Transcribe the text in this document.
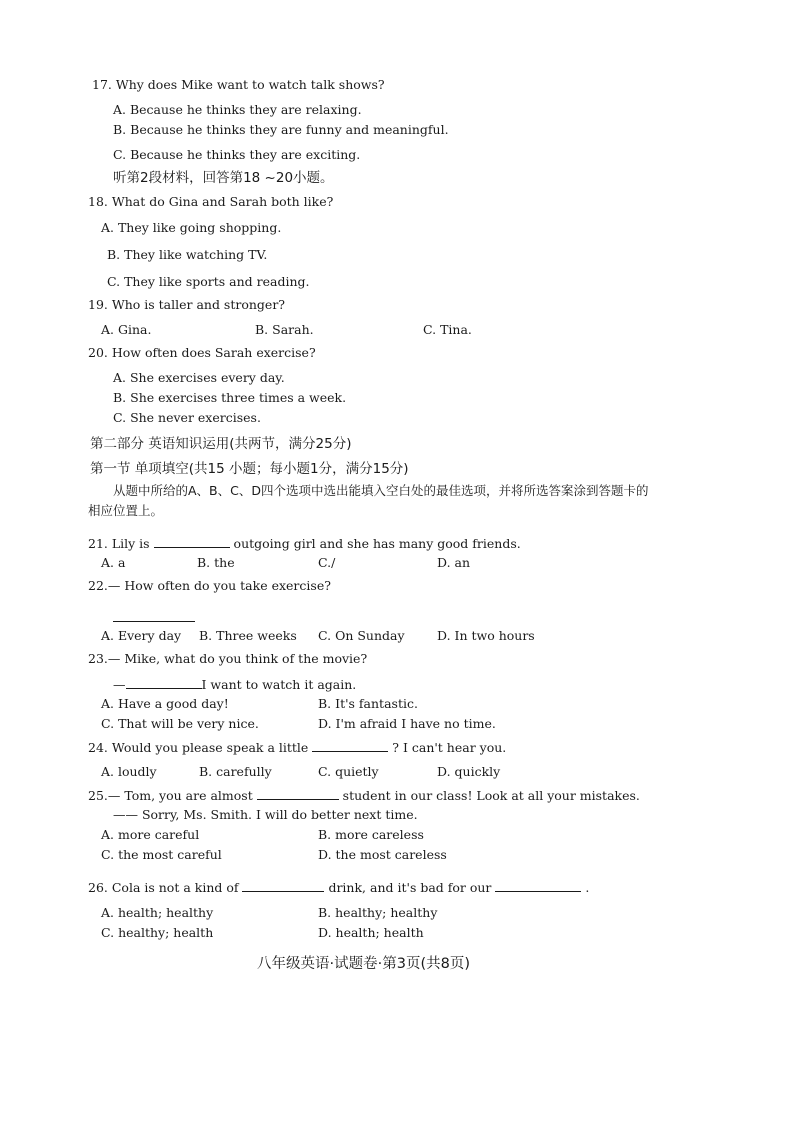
17. Why does Mike want to watch talk shows?
A. Because he thinks they are relaxing.
B. Because he thinks they are funny and meaningful.
C. Because he thinks they are exciting.
听第2段材料，回答第18 ~20小题。
18. What do Gina and Sarah both like?
A. They like going shopping.
B. They like watching TV.
C. They like sports and reading.
19. Who is taller and stronger?
A. Gina.	B. Sarah.	C. Tina.
20. How often does Sarah exercise?
A. She exercises every day.
B. She exercises three times a week.
C. She never exercises.
第二部分 英语知识运用(共两节，满分25分)
第一节 单项填空(共15 小题；每小题1分，满分15分)
从题中所给的A、B、C、D四个选项中选出能填入空白处的最佳选项，并将所选答案涂到答题卡的
相应位置上。
21. Lily is	outgoing girl and she has many good friends.
A. a	B. the	C./	D. an
22.— How often do you take exercise?
A. Every day B. Three weeks C. On Sunday	D. In two hours
23.— Mike, what do you think of the movie?
—	I want to watch it again.
A. Have a good day!	B. It's fantastic.
C. That will be very nice.	D. I'm afraid I have no time.
24. Would you please speak a little	? I can't hear you.
A. loudly	B. carefully	C. quietly	D. quickly
25.— Tom, you are almost	student in our class! Look at all your mistakes.
—— Sorry, Ms. Smith. I will do better next time.
A. more careful	B. more careless
C. the most careful	D. the most careless
26. Cola is not a kind of	drink, and it's bad for our	.
A. health; healthy	B. healthy; healthy
C. healthy; health	D. health; health
八年级英语·试题卷·第3页(共8页)
